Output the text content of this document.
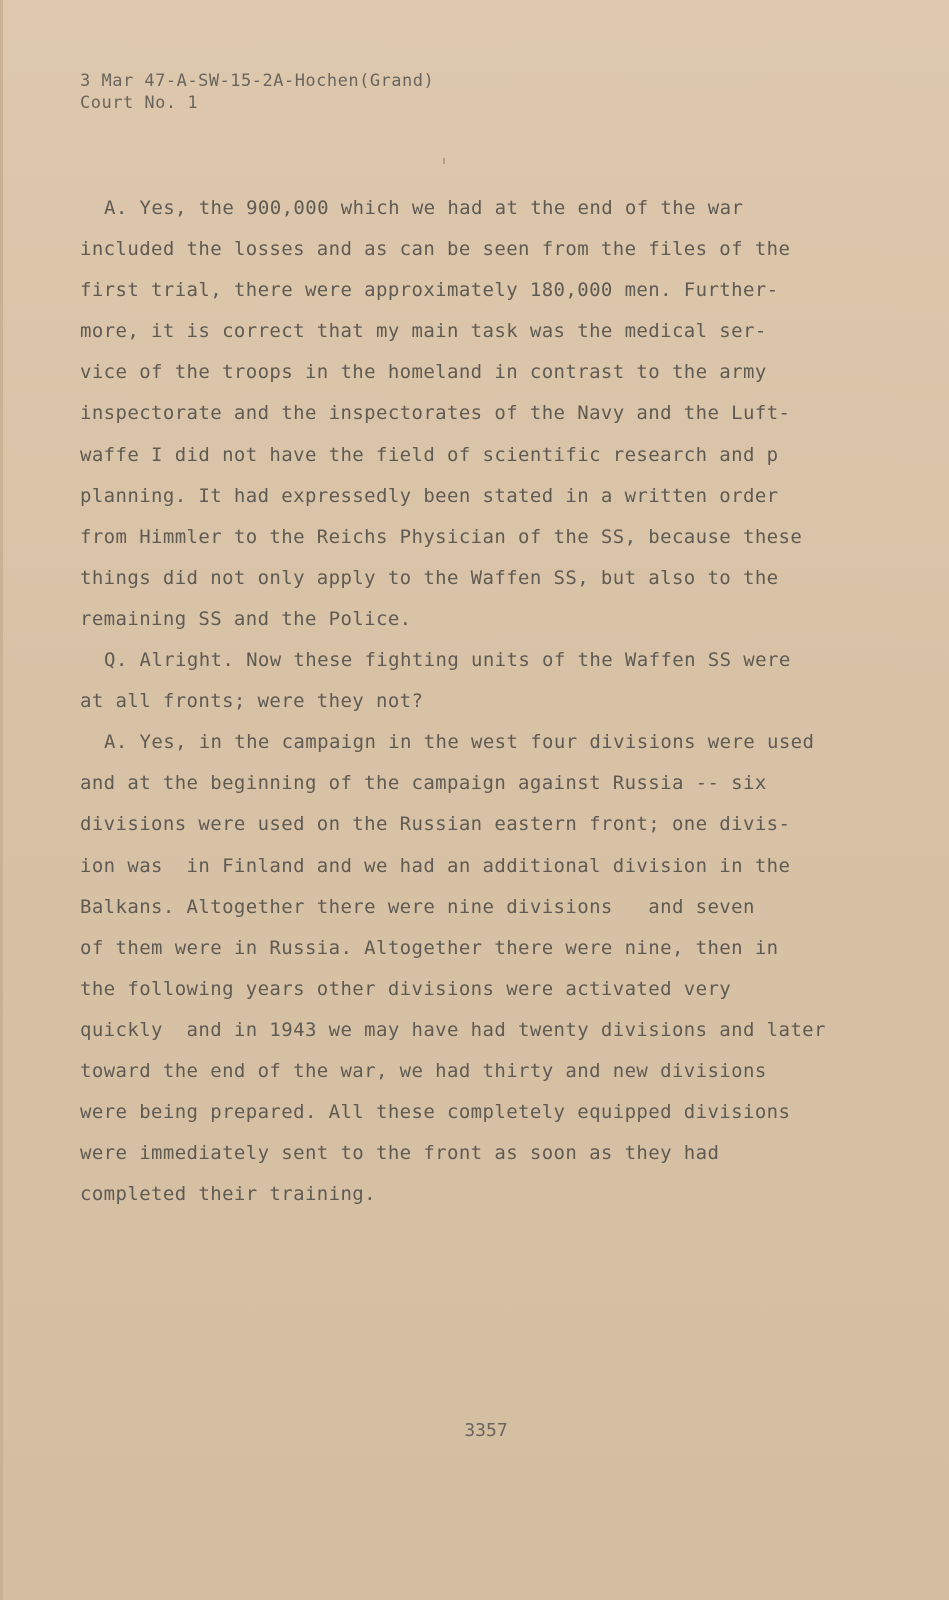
3 Mar 47-A-SW-15-2A-Hochen(Grand)
Court No. 1
A. Yes, the 900,000 which we had at the end of the war
included the losses and as can be seen from the files of the
first trial, there were approximately 180,000 men. Further-
more, it is correct that my main task was the medical ser-
vice of the troops in the homeland in contrast to the army
inspectorate and the inspectorates of the Navy and the Luft-
waffe I did not have the field of scientific research and p
planning. It had expressedly been stated in a written order
from Himmler to the Reichs Physician of the SS, because these
things did not only apply to the Waffen SS, but also to the
remaining SS and the Police.
Q. Alright. Now these fighting units of the Waffen SS were
at all fronts; were they not?
A. Yes, in the campaign in the west four divisions were used
and at the beginning of the campaign against Russia -- six
divisions were used on the Russian eastern front; one divis-
ion was  in Finland and we had an additional division in the
Balkans. Altogether there were nine divisions   and seven
of them were in Russia. Altogether there were nine, then in
the following years other divisions were activated very
quickly  and in 1943 we may have had twenty divisions and later
toward the end of the war, we had thirty and new divisions
were being prepared. All these completely equipped divisions
were immediately sent to the front as soon as they had
completed their training.
3357
